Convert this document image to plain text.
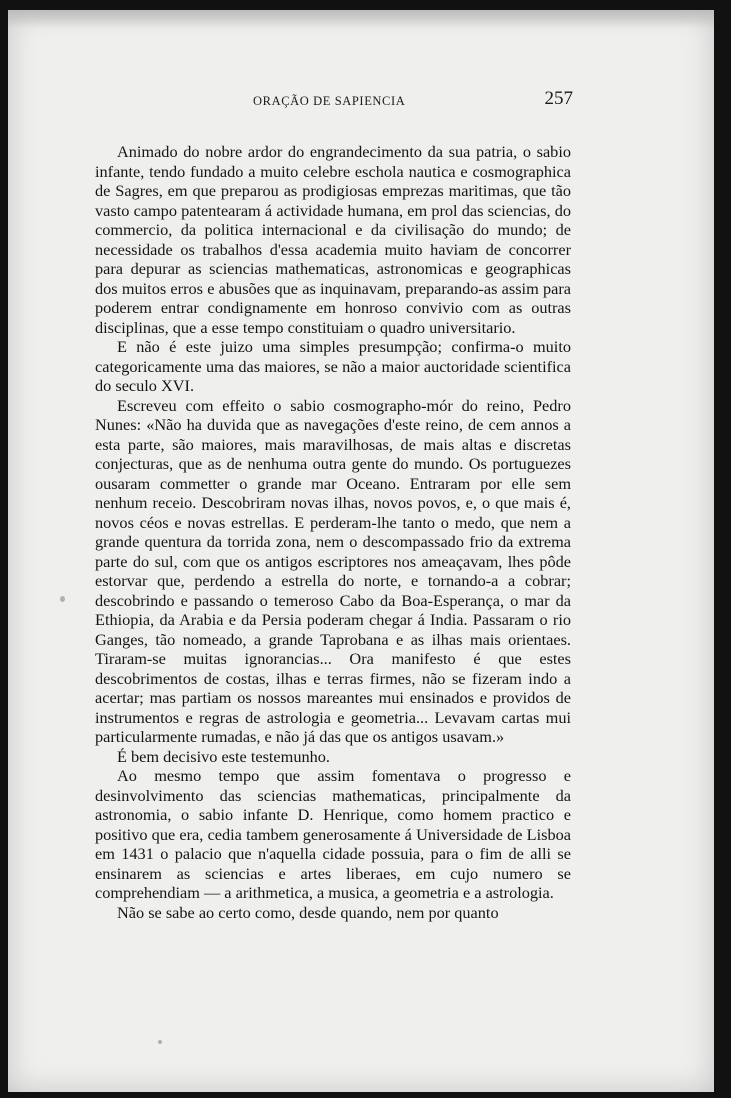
ORAÇÃO DE SAPIENCIA	257

Animado do nobre ardor do engrandecimento da sua patria, o sabio infante, tendo fundado a muito celebre eschola nautica e cosmographica de Sagres, em que preparou as prodigiosas emprezas maritimas, que tão vasto campo patentearam á actividade humana, em prol das sciencias, do commercio, da politica internacional e da civilisação do mundo; de necessidade os trabalhos d'essa academia muito haviam de concorrer para depurar as sciencias mathematicas, astronomicas e geographicas dos muitos erros e abusões que as inquinavam, preparando-as assim para poderem entrar condignamente em honroso convivio com as outras disciplinas, que a esse tempo constituiam o quadro universitario.

E não é este juizo uma simples presumpção; confirma-o muito categoricamente uma das maiores, se não a maior auctoridade scientifica do seculo XVI.

Escreveu com effeito o sabio cosmographo-mór do reino, Pedro Nunes: «Não ha duvida que as navegações d'este reino, de cem annos a esta parte, são maiores, mais maravilhosas, de mais altas e discretas conjecturas, que as de nenhuma outra gente do mundo. Os portuguezes ousaram commetter o grande mar Oceano. Entraram por elle sem nenhum receio. Descobriram novas ilhas, novos povos, e, o que mais é, novos céos e novas estrellas. E perderam-lhe tanto o medo, que nem a grande quentura da torrida zona, nem o descompassado frio da extrema parte do sul, com que os antigos escriptores nos ameaçavam, lhes pôde estorvar que, perdendo a estrella do norte, e tornando-a a cobrar; descobrindo e passando o temeroso Cabo da Boa-Esperança, o mar da Ethiopia, da Arabia e da Persia poderam chegar á India. Passaram o rio Ganges, tão nomeado, a grande Taprobana e as ilhas mais orientaes. Tiraram-se muitas ignorancias... Ora manifesto é que estes descobrimentos de costas, ilhas e terras firmes, não se fizeram indo a acertar; mas partiam os nossos mareantes mui ensinados e providos de instrumentos e regras de astrologia e geometria... Levavam cartas mui particularmente rumadas, e não já das que os antigos usavam.»

É bem decisivo este testemunho.

Ao mesmo tempo que assim fomentava o progresso e desinvolvimento das sciencias mathematicas, principalmente da astronomia, o sabio infante D. Henrique, como homem practico e positivo que era, cedia tambem generosamente á Universidade de Lisboa em 1431 o palacio que n'aquella cidade possuia, para o fim de alli se ensinarem as sciencias e artes liberaes, em cujo numero se comprehendiam — a arithmetica, a musica, a geometria e a astrologia.

Não se sabe ao certo como, desde quando, nem por quanto
